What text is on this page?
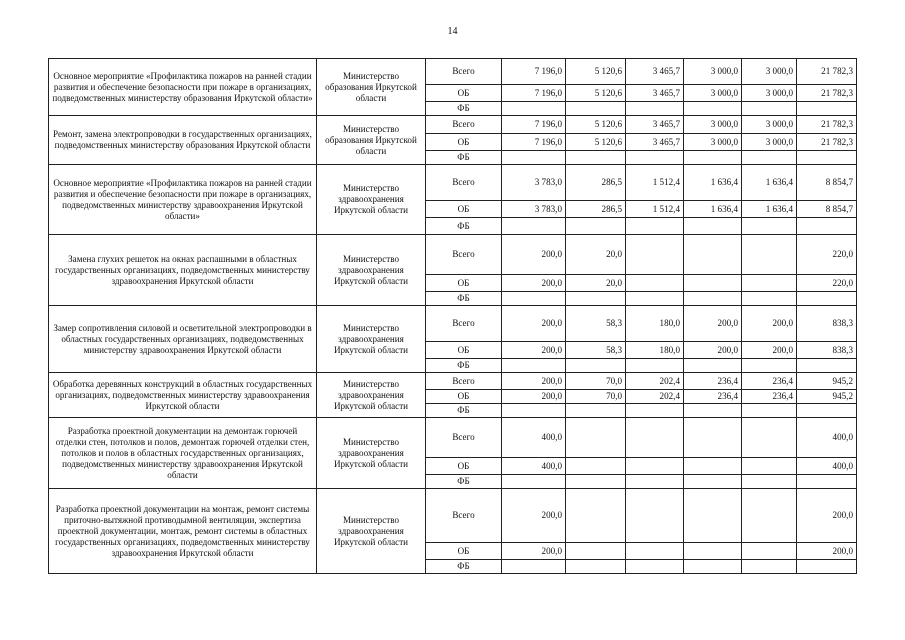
14
Основное мероприятие «Профилактика пожаров на ранней стадии развития и обеспечение безопасности при пожаре в организациях, подведомственных министерству образования Иркутской области»	Министерство образования Иркутской области	Всего	7 196,0	5 120,6	3 465,7	3 000,0	3 000,0	21 782,3
		ОБ	7 196,0	5 120,6	3 465,7	3 000,0	3 000,0	21 782,3
		ФБ						
Ремонт, замена электропроводки в государственных организациях, подведомственных министерству образования Иркутской области	Министерство образования Иркутской области	Всего	7 196,0	5 120,6	3 465,7	3 000,0	3 000,0	21 782,3
		ОБ	7 196,0	5 120,6	3 465,7	3 000,0	3 000,0	21 782,3
		ФБ						
Основное мероприятие «Профилактика пожаров на ранней стадии развития и обеспечение безопасности при пожаре в организациях, подведомственных министерству здравоохранения Иркутской области»	Министерство здравоохранения Иркутской области	Всего	3 783,0	286,5	1 512,4	1 636,4	1 636,4	8 854,7
		ОБ	3 783,0	286,5	1 512,4	1 636,4	1 636,4	8 854,7
		ФБ						
Замена глухих решеток на окнах распашными в областных государственных организациях, подведомственных министерству здравоохранения Иркутской области	Министерство здравоохранения Иркутской области	Всего	200,0	20,0				220,0
		ОБ	200,0	20,0				220,0
		ФБ						
Замер сопротивления силовой и осветительной электропроводки в областных государственных организациях, подведомственных министерству здравоохранения Иркутской области	Министерство здравоохранения Иркутской области	Всего	200,0	58,3	180,0	200,0	200,0	838,3
		ОБ	200,0	58,3	180,0	200,0	200,0	838,3
		ФБ						
Обработка деревянных конструкций в областных государственных организациях, подведомственных министерству здравоохранения Иркутской области	Министерство здравоохранения Иркутской области	Всего	200,0	70,0	202,4	236,4	236,4	945,2
		ОБ	200,0	70,0	202,4	236,4	236,4	945,2
		ФБ						
Разработка проектной документации на демонтаж горючей отделки стен, потолков и полов, демонтаж горючей отделки стен, потолков и полов в областных государственных организациях, подведомственных министерству здравоохранения Иркутской области	Министерство здравоохранения Иркутской области	Всего	400,0					400,0
		ОБ	400,0					400,0
		ФБ						
Разработка проектной документации на монтаж, ремонт системы приточно-вытяжной противодымной вентиляции, экспертиза проектной документации, монтаж, ремонт системы в областных государственных организациях, подведомственных министерству здравоохранения Иркутской области	Министерство здравоохранения Иркутской области	Всего	200,0					200,0
		ОБ	200,0					200,0
		ФБ						
